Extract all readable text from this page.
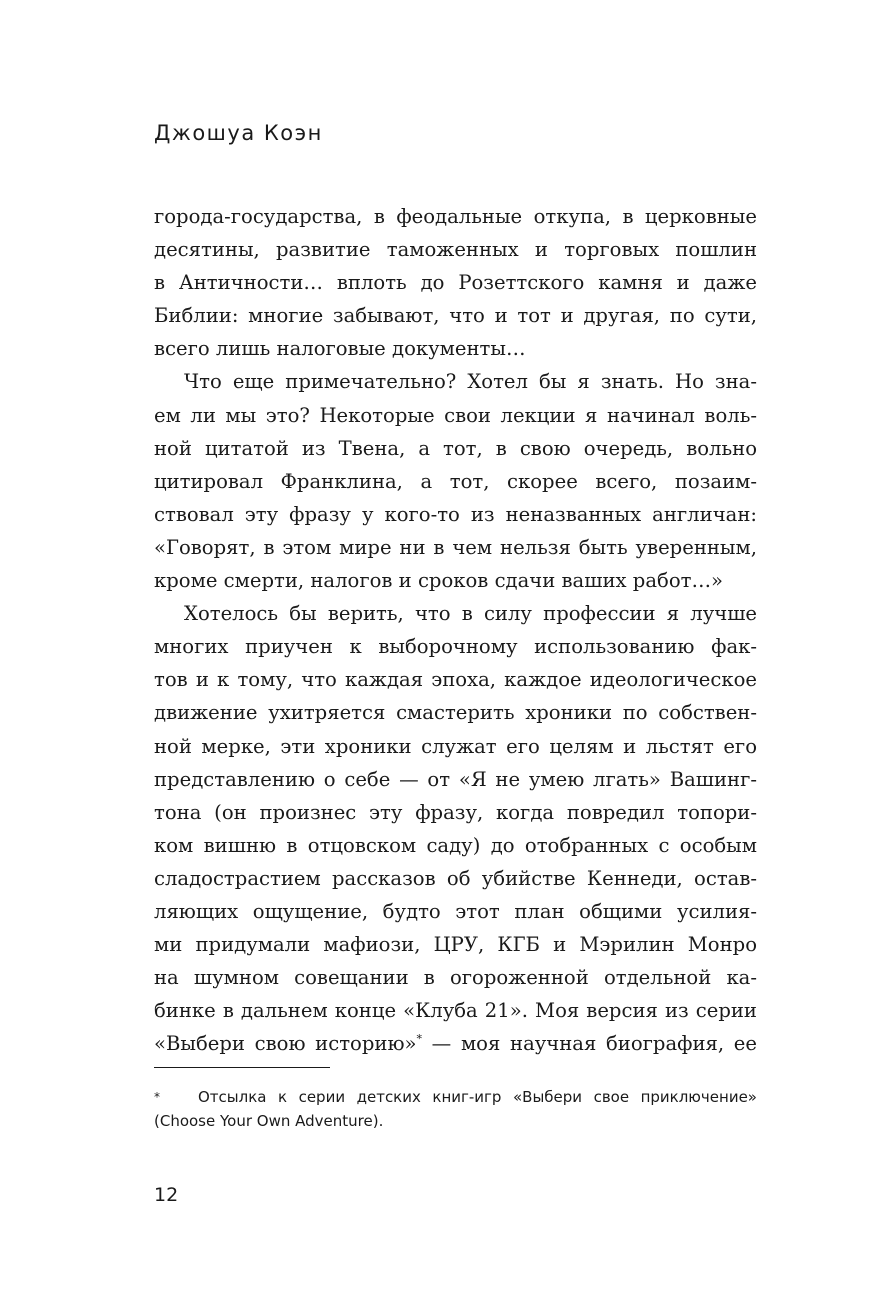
Джошуа Коэн
города-государства, в феодальные откупа, в церковные
десятины, развитие таможенных и торговых пошлин
в Античности… вплоть до Розеттского камня и даже
Библии: многие забывают, что и тот и другая, по сути,
всего лишь налоговые документы…
Что еще примечательно? Хотел бы я знать. Но зна-
ем ли мы это? Некоторые свои лекции я начинал воль-
ной цитатой из Твена, а тот, в свою очередь, вольно
цитировал Франклина, а тот, скорее всего, позаим-
ствовал эту фразу у кого-то из неназванных англичан:
«Говорят, в этом мире ни в чем нельзя быть уверенным,
кроме смерти, налогов и сроков сдачи ваших работ…»
Хотелось бы верить, что в силу профессии я лучше
многих приучен к выборочному использованию фак-
тов и к тому, что каждая эпоха, каждое идеологическое
движение ухитряется смастерить хроники по собствен-
ной мерке, эти хроники служат его целям и льстят его
представлению о себе — от «Я не умею лгать» Вашинг-
тона (он произнес эту фразу, когда повредил топори-
ком вишню в отцовском саду) до отобранных с особым
сладострастием рассказов об убийстве Кеннеди, остав-
ляющих ощущение, будто этот план общими усилия-
ми придумали мафиози, ЦРУ, КГБ и Мэрилин Монро
на шумном совещании в огороженной отдельной ка-
бинке в дальнем конце «Клуба 21». Моя версия из серии
«Выбери свою историю»* — моя научная биография, ее
*	Отсылка к серии детских книг-игр «Выбери свое приключение»
(Choose Your Own Adventure).
12
